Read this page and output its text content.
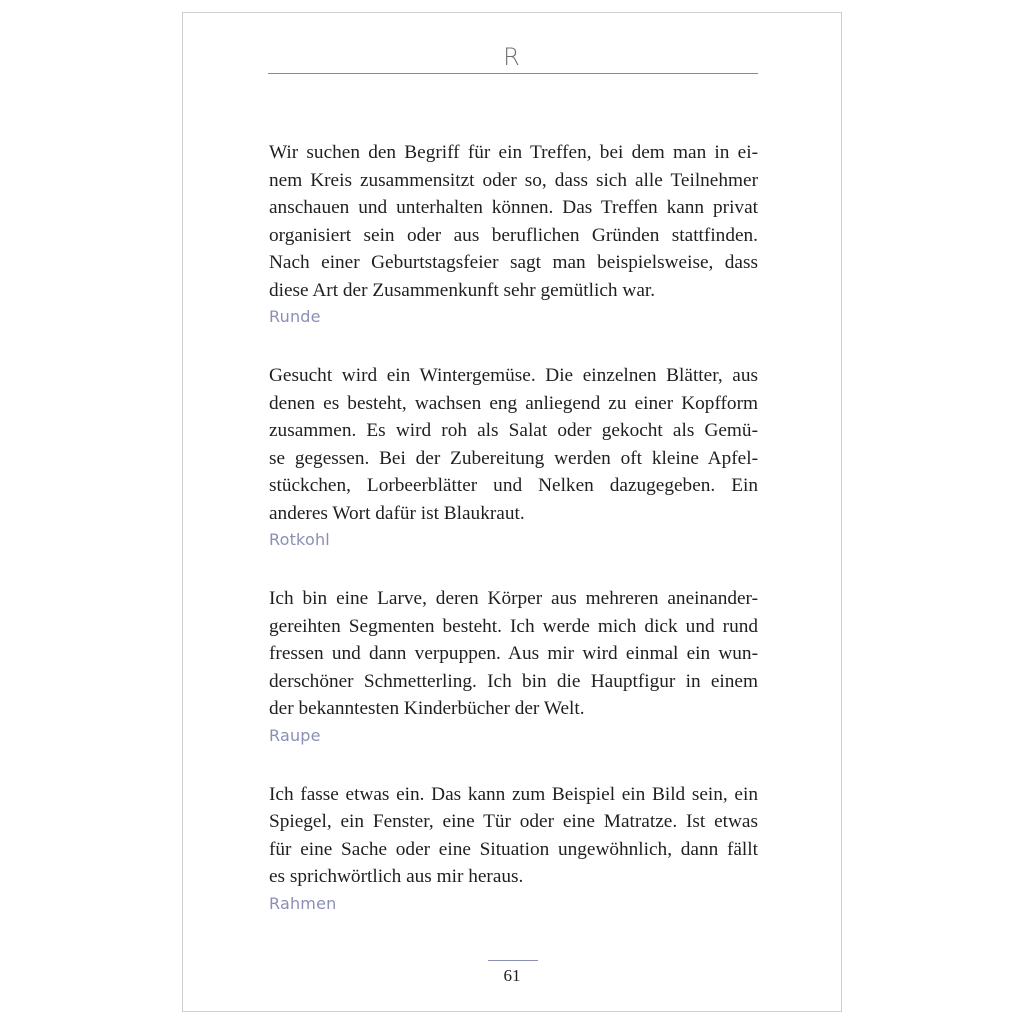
R

Wir suchen den Begriff für ein Treffen, bei dem man in ei-
nem Kreis zusammensitzt oder so, dass sich alle Teilnehmer
anschauen und unterhalten können. Das Treffen kann privat
organisiert sein oder aus beruflichen Gründen stattfinden.
Nach einer Geburtstagsfeier sagt man beispielsweise, dass
diese Art der Zusammenkunft sehr gemütlich war.

Runde

Gesucht wird ein Wintergemüse. Die einzelnen Blätter, aus
denen es besteht, wachsen eng anliegend zu einer Kopfform
zusammen. Es wird roh als Salat oder gekocht als Gemü-
se gegessen. Bei der Zubereitung werden oft kleine Apfel-
stückchen, Lorbeerblätter und Nelken dazugegeben. Ein
anderes Wort dafür ist Blaukraut.

Rotkohl

Ich bin eine Larve, deren Körper aus mehreren aneinander-
gereihten Segmenten besteht. Ich werde mich dick und rund
fressen und dann verpuppen. Aus mir wird einmal ein wun-
derschöner Schmetterling. Ich bin die Hauptfigur in einem
der bekanntesten Kinderbücher der Welt.

Raupe

Ich fasse etwas ein. Das kann zum Beispiel ein Bild sein, ein
Spiegel, ein Fenster, eine Tür oder eine Matratze. Ist etwas
für eine Sache oder eine Situation ungewöhnlich, dann fällt
es sprichwörtlich aus mir heraus.

Rahmen

61
